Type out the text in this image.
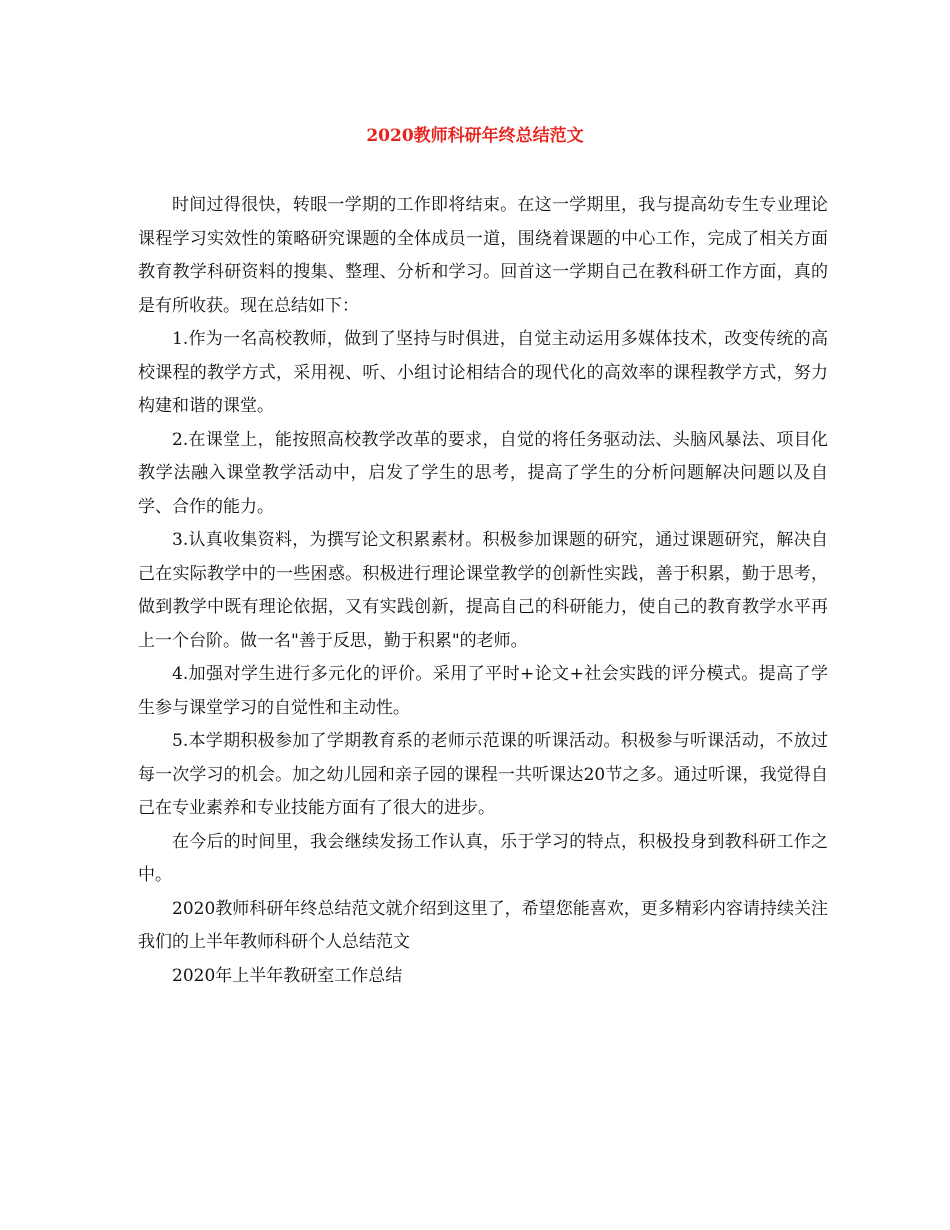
2020教师科研年终总结范文

时间过得很快，转眼一学期的工作即将结束。在这一学期里，我与提高幼专生专业理论课程学习实效性的策略研究课题的全体成员一道，围绕着课题的中心工作，完成了相关方面教育教学科研资料的搜集、整理、分析和学习。回首这一学期自己在教科研工作方面，真的是有所收获。现在总结如下：

1.作为一名高校教师，做到了坚持与时俱进，自觉主动运用多媒体技术，改变传统的高校课程的教学方式，采用视、听、小组讨论相结合的现代化的高效率的课程教学方式，努力构建和谐的课堂。

2.在课堂上，能按照高校教学改革的要求，自觉的将任务驱动法、头脑风暴法、项目化教学法融入课堂教学活动中，启发了学生的思考，提高了学生的分析问题解决问题以及自学、合作的能力。

3.认真收集资料，为撰写论文积累素材。积极参加课题的研究，通过课题研究，解决自己在实际教学中的一些困惑。积极进行理论课堂教学的创新性实践，善于积累，勤于思考，做到教学中既有理论依据，又有实践创新，提高自己的科研能力，使自己的教育教学水平再上一个台阶。做一名"善于反思，勤于积累"的老师。

4.加强对学生进行多元化的评价。采用了平时+论文+社会实践的评分模式。提高了学生参与课堂学习的自觉性和主动性。

5.本学期积极参加了学期教育系的老师示范课的听课活动。积极参与听课活动，不放过每一次学习的机会。加之幼儿园和亲子园的课程一共听课达20节之多。通过听课，我觉得自己在专业素养和专业技能方面有了很大的进步。

在今后的时间里，我会继续发扬工作认真，乐于学习的特点，积极投身到教科研工作之中。

2020教师科研年终总结范文就介绍到这里了，希望您能喜欢，更多精彩内容请持续关注我们的上半年教师科研个人总结范文

2020年上半年教研室工作总结
